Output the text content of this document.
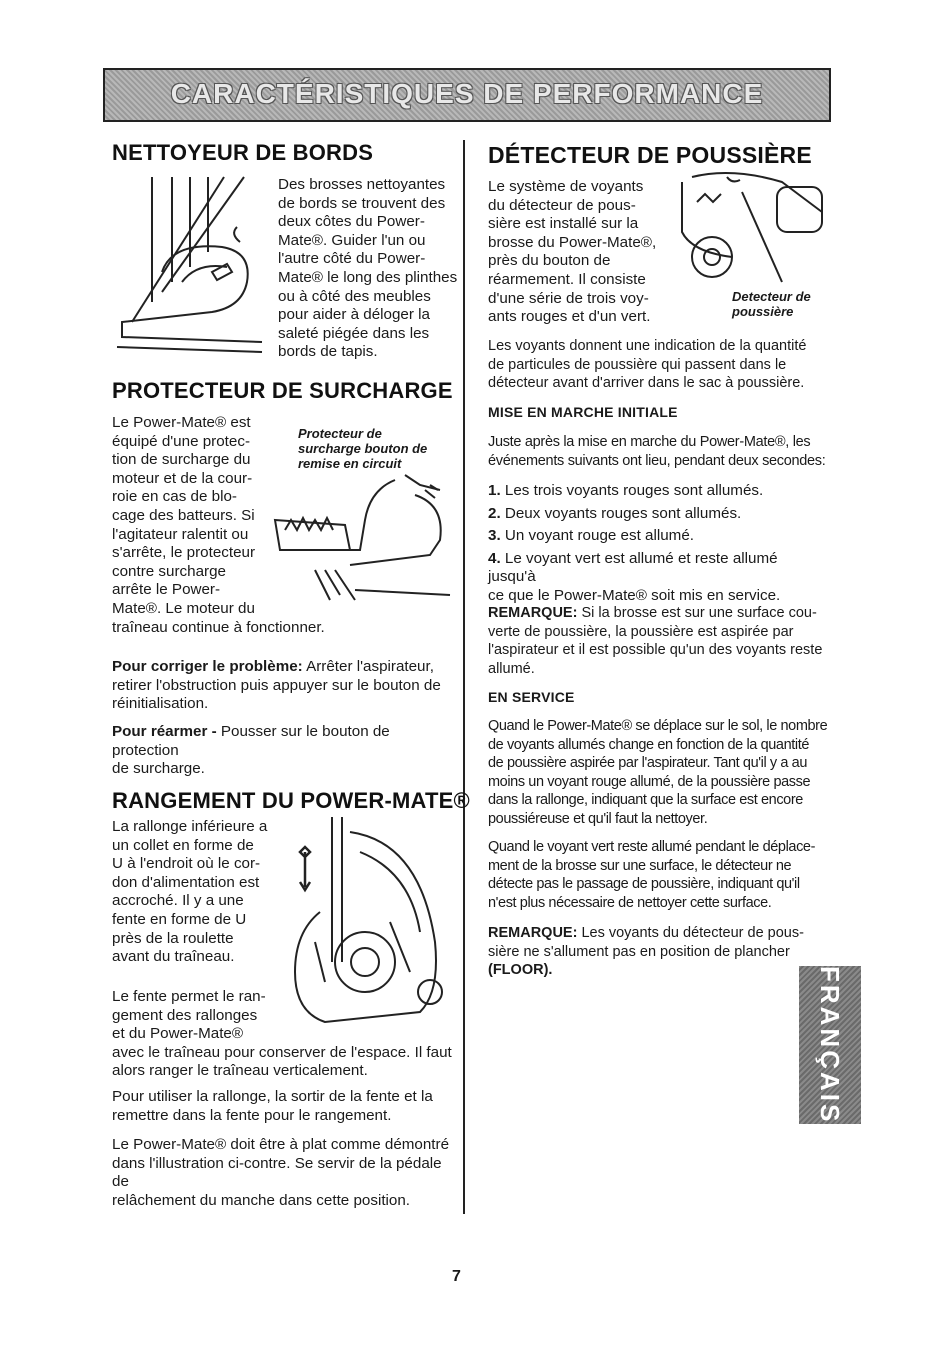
CARACTÉRISTIQUES DE PERFORMANCE
NETTOYEUR DE BORDS

Des brosses nettoyantes

de bords se trouvent des

deux côtes du Power-

Mate®. Guider l'un ou

l'autre côté du Power-

Mate® le long des plinthes

ou à côté des meubles

pour aider à déloger la

saleté piégée dans les

bords de tapis.

PROTECTEUR DE SURCHARGE

Protecteur de

surcharge bouton de

remise en circuit

Le Power-Mate® est

équipé d'une protec-

tion de surcharge du

moteur et de la cour-

roie en cas de blo-

cage des batteurs. Si

l'agitateur ralentit ou

s'arrête, le protecteur

contre surcharge

arrête le Power-

Mate®. Le moteur du

traîneau continue à fonctionner.

Pour corriger le problème: Arrêter l'aspirateur,

retirer l'obstruction puis appuyer sur le bouton de

réinitialisation.

Pour réarmer - Pousser sur le bouton de protection

de surcharge.

RANGEMENT DU POWER-MATE®

La rallonge inférieure a

un collet en forme de

U à l'endroit où le cor-

don d'alimentation est

accroché. Il y a une

fente en forme de U

près de la roulette

avant du traîneau.

Le fente permet le ran-

gement des rallonges

et du Power-Mate®

avec le traîneau pour conserver de l'espace. Il faut

alors ranger le traîneau verticalement.

Pour utiliser la rallonge, la sortir de la fente et la

remettre dans la fente pour le rangement.

Le Power-Mate® doit être à plat comme démontré

dans l'illustration ci-contre. Se servir de la pédale de

relâchement du manche dans cette position.

DÉTECTEUR DE POUSSIÈRE

Le système de voyants

du détecteur de pous-

sière est installé sur la

brosse du Power-Mate®,

près du bouton de

réarmement. Il consiste

d'une série de trois voy-

ants rouges et d'un vert.

Detecteur de

poussière

Les voyants donnent une indication de la quantité

de particules de poussière qui passent dans le

détecteur avant d'arriver dans le sac à poussière.

MISE EN MARCHE INITIALE

Juste après la mise en marche du Power-Mate®, les

événements suivants ont lieu, pendant deux secondes:

1. Les trois voyants rouges sont allumés.

2. Deux voyants rouges sont allumés.

3. Un voyant rouge est allumé.

4. Le voyant vert est allumé et reste allumé jusqu'à

ce que le Power-Mate® soit mis en service.

REMARQUE: Si la brosse est sur une surface cou-

verte de poussière, la poussière est aspirée par

l'aspirateur et il est possible qu'un des voyants reste

allumé.

EN SERVICE

Quand le Power-Mate® se déplace sur le sol, le nombre

de voyants allumés change en fonction de la quantité

de poussière aspirée par l'aspirateur. Tant qu'il y a au

moins un voyant rouge allumé, de la poussière passe

dans la rallonge, indiquant que la surface est encore

poussiéreuse et qu'il faut la nettoyer.

Quand le voyant vert reste allumé pendant le déplace-

ment de la brosse sur une surface, le détecteur ne

détecte pas le passage de poussière, indiquant qu'il

n'est plus nécessaire de nettoyer cette surface.

REMARQUE: Les voyants du détecteur de pous-

sière ne s'allument pas en position de plancher

(FLOOR).	FRANÇAIS
7
